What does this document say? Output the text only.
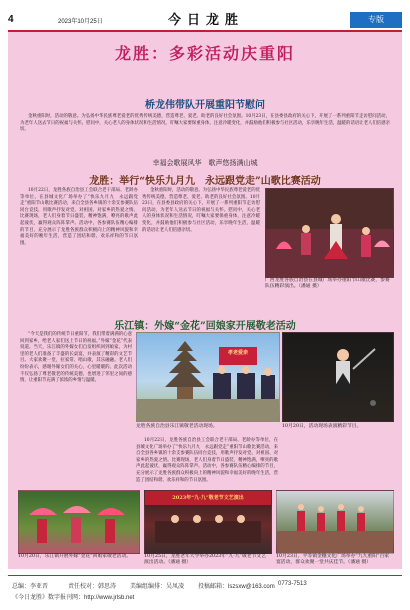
4	2023年10月25日	今日龙胜	专版
龙胜：多彩活动庆重阳
桥龙伟带队开展重阳节慰问

金秋重阳时，活动的敬意。为弘扬中华民族尊老爱老的优秀传统美德，营造尊老、爱老、助老的良好社会氛围。10月23日，在县委县政府的关心下，开展了一系列重阳节走访慰问活动，为老年人送去节日的祝福与关怀。慰问中，关心老人的身体状况和生活情况，叮嘱大家要保重身体，注意冷暖变化，并鼓励他们积极参与社区活动，乐享晚年生活，温暖的话语让老人们倍感亲切。

幸福会歌展风华　歌声悠扬满山城
龙胜：举行“快乐九月九　永远跟党走”山歌比赛活动

10月22日，龙胜各族自治县工会联合老干部局、老龄办等单位，在县城文化广场举办了“快乐九月九　永远跟党走”重阳节山歌比赛活动，来自全县各乡镇的十余支参赛队伍同台竞技，用歌声抒发对党、对祖国、对家乡的热爱之情。比赛现场，老人们身着节日盛装，精神饱满，嘹亮的歌声此起彼伏，赢得观众阵阵掌声。活动中，各参赛队伍精心编排的节目，充分展示了龙胜各族群众积极向上的精神风貌和幸福美好的晚年生活，营造了团结和谐、欢乐祥和的节日氛围。

金秋重阳时，活动的敬意。为弘扬中华民族尊老爱老的优秀传统美德，营造尊老、爱老、助老的良好社会氛围。10月23日，在县委县政府的关心下，开展了一系列重阳节走访慰问活动，为老年人送去节日的祝福与关怀。慰问中，关心老人的身体状况和生活情况，叮嘱大家要保重身体，注意冷暖变化，并鼓励他们积极参与社区活动，乐享晚年生活，温暖的话语让老人们倍感亲切。

广西龙胜各族自治县在县城广场举办重阳节山歌比赛，参赛队伍精彩演出。（潘通 摄）
乐江镇：外嫁“金花”回娘家开展敬老活动

“今天是我们的传统节日重阳节，我们带着满满的心意回到家乡，给老人家们送上节日的祝福。”外嫁“金花”代表说道。当天，乐江镇的外嫁女们自发组织回到娘家，为村里的老人们准备了丰盛的长桌宴，并表演了精彩的文艺节目。大家欢聚一堂，拉家常、唱山歌，其乐融融。老人们纷纷表示，感谢外嫁女们的关心，心里暖暖的。此次活动不仅弘扬了尊老敬老的传统美德，也增进了邻里之间的感情，让重阳节充满了浓浓的乡情与温暖。

孝老爱亲
龙胜各族自治县乐江镇敬老活动现场。	10月20日，活动现场表演精彩节目。

10月22日，龙胜各族自治县工会联合老干部局、老龄办等单位，在县城文化广场举办了“快乐九月九　永远跟党走”重阳节山歌比赛活动，来自全县各乡镇的十余支参赛队伍同台竞技，用歌声抒发对党、对祖国、对家乡的热爱之情。比赛现场，老人们身着节日盛装，精神饱满，嘹亮的歌声此起彼伏，赢得观众阵阵掌声。活动中，各参赛队伍精心编排的节目，充分展示了龙胜各族群众积极向上的精神风貌和幸福美好的晚年生活，营造了团结和谐、欢乐祥和的节日氛围。

10月20日，乐江镇开展外嫁“金花”回娘家敬老活动。
2023年“九·九”敬老节文艺演出
10月25日，龙胜老年大学举办2023年“九·九”敬老节文艺演出活动。（潘通 摄）
10月23日，平等镇金穗文化广场举办“九九重阳”百家宴活动，群众欢聚一堂共庆佳节。（潘通 摄）
总编：李亚晋	责任校对：韩思涛 美编组编排：吴凤凌 投稿邮箱：lszsxw@163.com 0773-7513
《今日龙胜》数字报刊网：http://www.jrlsb.net
